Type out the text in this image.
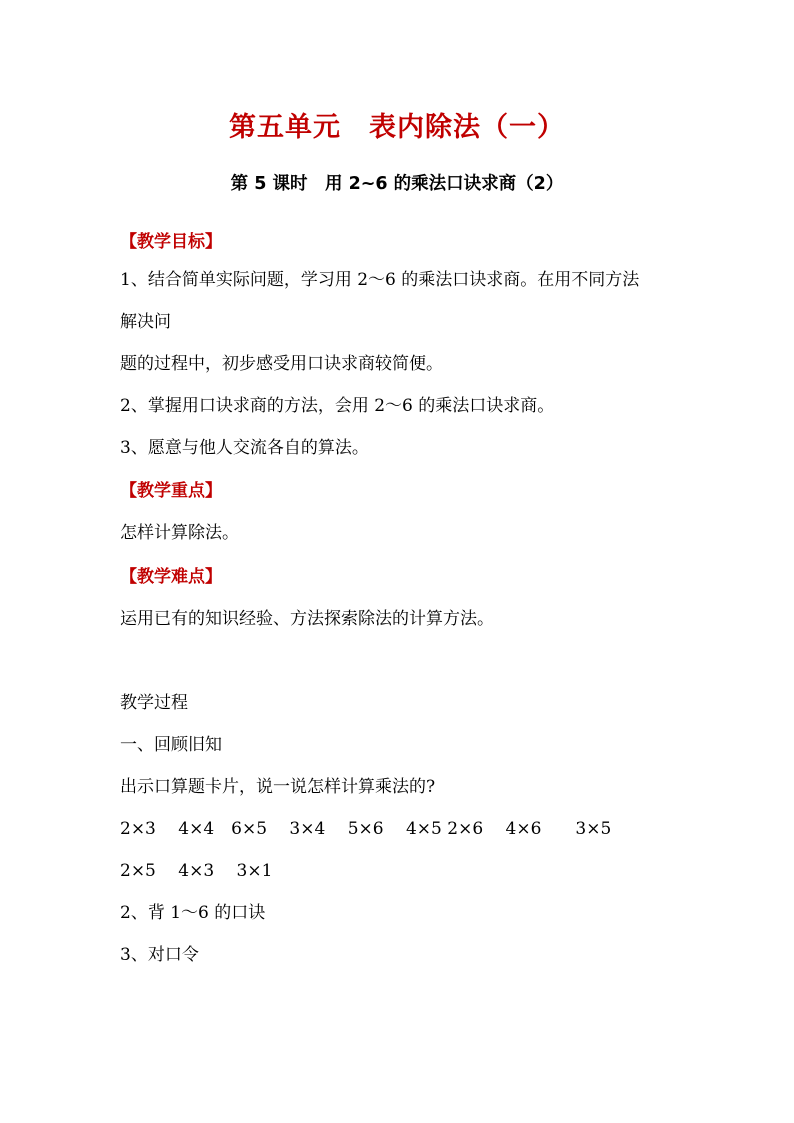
第五单元　表内除法（一）
第 5 课时　用 2~6 的乘法口诀求商（2）
【教学目标】
1、结合简单实际问题，学习用 2～6 的乘法口诀求商。在用不同方法
解决问
题的过程中，初步感受用口诀求商较简便。
2、掌握用口诀求商的方法，会用 2～6 的乘法口诀求商。
3、愿意与他人交流各自的算法。
【教学重点】
怎样计算除法。
【教学难点】
运用已有的知识经验、方法探索除法的计算方法。
教学过程
一、回顾旧知
出示口算题卡片，说一说怎样计算乘法的?
2×3　 4×4　6×5　 3×4　 5×6　 4×5 2×6　 4×6　　3×5
2×5　 4×3　 3×1
2、背 1～6 的口诀
3、对口令
